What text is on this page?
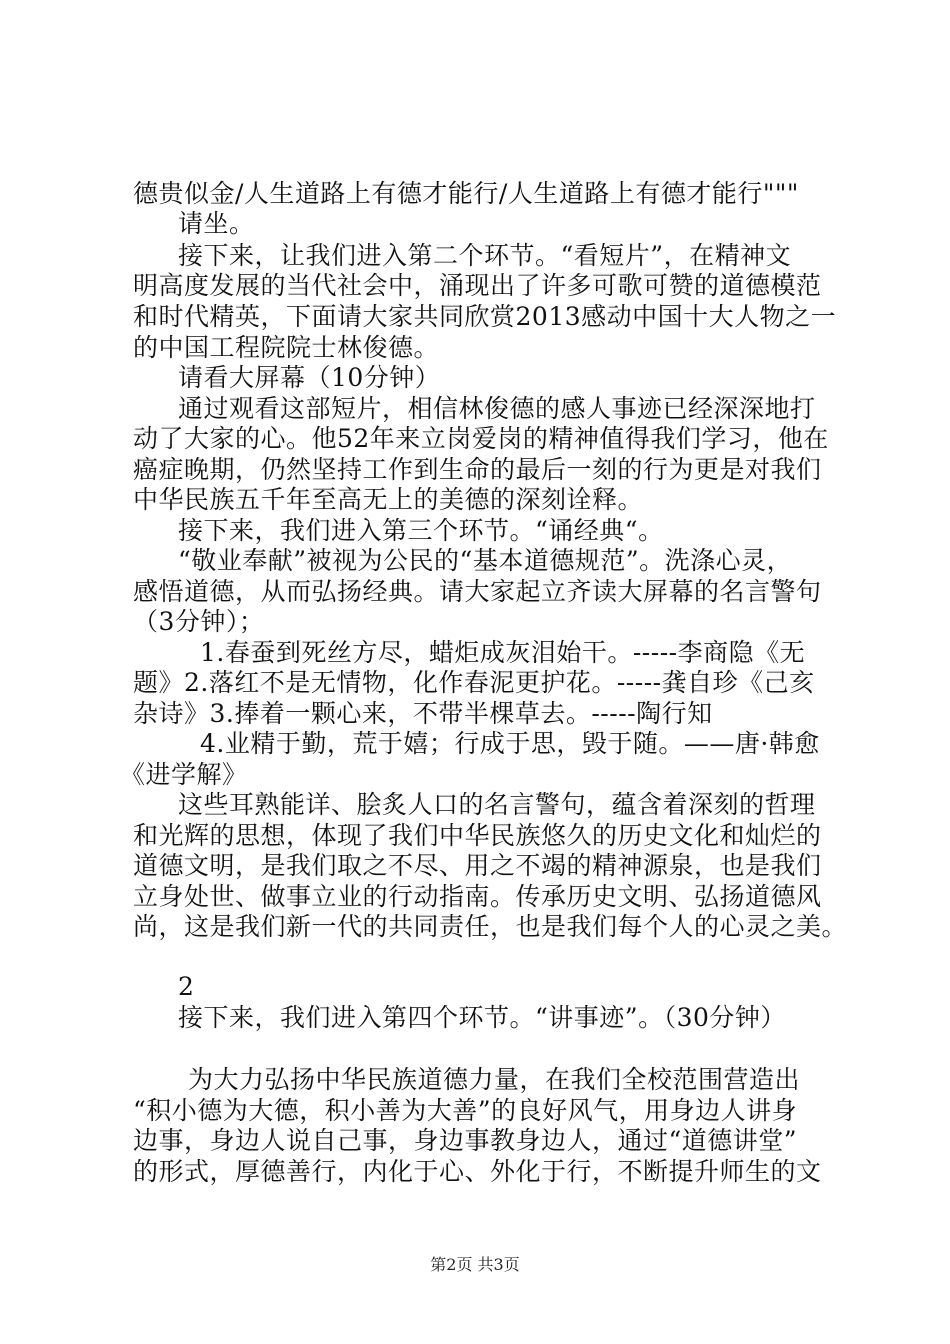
德贵似金/人生道路上有德才能行/人生道路上有德才能行"""
请坐。
接下来，让我们进入第二个环节。“看短片”，在精神文
明高度发展的当代社会中，涌现出了许多可歌可赞的道德模范
和时代精英，下面请大家共同欣赏2013感动中国十大人物之一
的中国工程院院士林俊德。
请看大屏幕（10分钟）
通过观看这部短片，相信林俊德的感人事迹已经深深地打
动了大家的心。他52年来立岗爱岗的精神值得我们学习，他在
癌症晚期，仍然坚持工作到生命的最后一刻的行为更是对我们
中华民族五千年至高无上的美德的深刻诠释。
接下来，我们进入第三个环节。“诵经典“。
“敬业奉献”被视为公民的“基本道德规范”。洗涤心灵，
感悟道德，从而弘扬经典。请大家起立齐读大屏幕的名言警句
（3分钟）；
1.春蚕到死丝方尽，蜡炬成灰泪始干。-----李商隐《无
题》2.落红不是无情物，化作春泥更护花。-----龚自珍《己亥
杂诗》3.捧着一颗心来，不带半棵草去。-----陶行知
4.业精于勤，荒于嬉；行成于思，毁于随。——唐·韩愈
《进学解》
这些耳熟能详、脍炙人口的名言警句，蕴含着深刻的哲理
和光辉的思想，体现了我们中华民族悠久的历史文化和灿烂的
道德文明，是我们取之不尽、用之不竭的精神源泉，也是我们
立身处世、做事立业的行动指南。传承历史文明、弘扬道德风
尚，这是我们新一代的共同责任，也是我们每个人的心灵之美。
2
接下来，我们进入第四个环节。“讲事迹”。（30分钟）
为大力弘扬中华民族道德力量，在我们全校范围营造出
“积小德为大德，积小善为大善”的良好风气，用身边人讲身
边事，身边人说自己事，身边事教身边人，通过“道德讲堂”
的形式，厚德善行，内化于心、外化于行，不断提升师生的文
第2页 共3页
